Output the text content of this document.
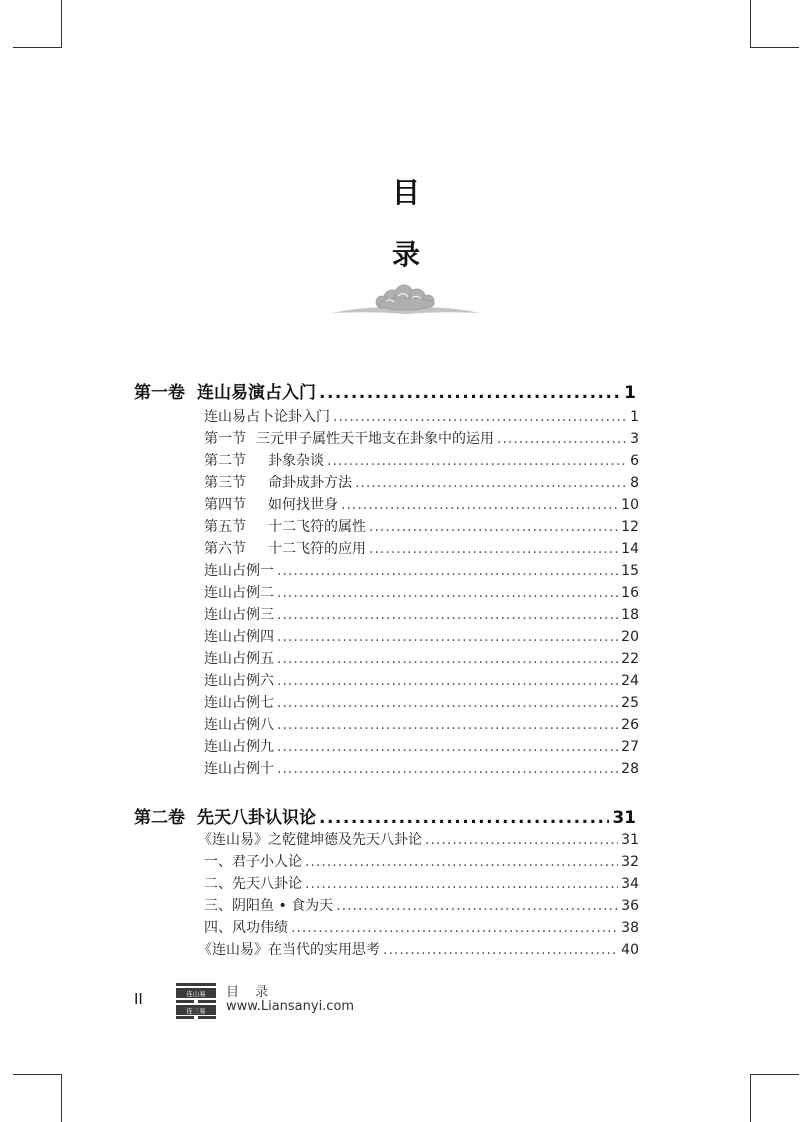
目
录
第一卷 连山易演占入门 .....	1
连山易占卜论卦入门 .....	1
第一节 三元甲子属性天干地支在卦象中的运用 .....	3
第二节 卦象杂谈 .....	6
第三节 命卦成卦方法 .....	8
第四节 如何找世身 .....	10
第五节 十二飞符的属性 .....	12
第六节 十二飞符的应用 .....	14
连山占例一 .....	15
连山占例二 .....	16
连山占例三 .....	18
连山占例四 .....	20
连山占例五 .....	22
连山占例六 .....	24
连山占例七 .....	25
连山占例八 .....	26
连山占例九 .....	27
连山占例十 .....	28
第二卷 先天八卦认识论 .....	31
《连山易》之乾健坤德及先天八卦论 .....	31
一、君子小人论 .....	32
二、先天八卦论 .....	34
三、阴阳鱼 • 食为天 .....	36
四、风功伟绩 .....	38
《连山易》在当代的实用思考 .....	40
II	连山易
连三易
目 录
www.Liansanyi.com
